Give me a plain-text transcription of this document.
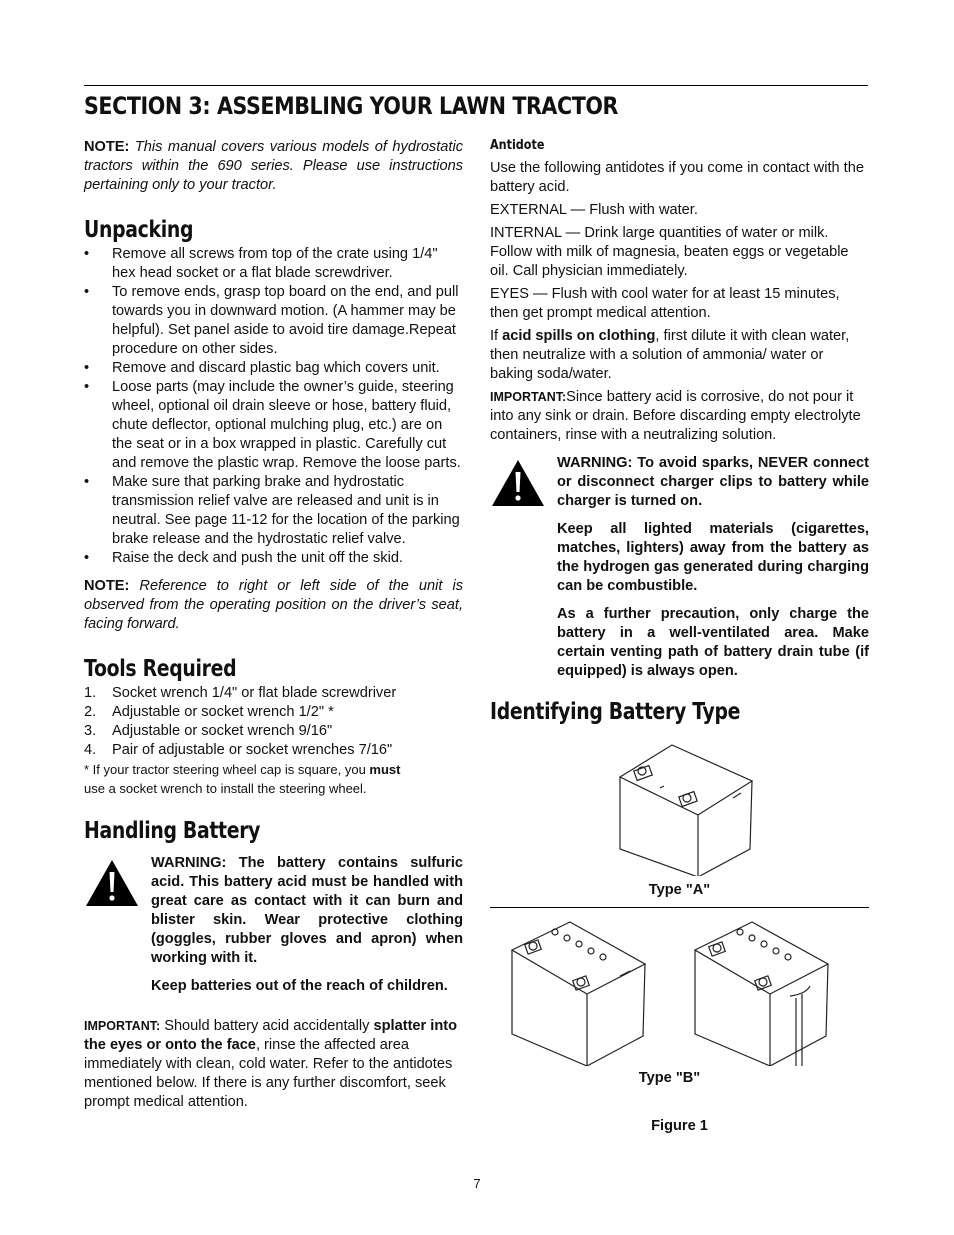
SECTION 3: ASSEMBLING YOUR LAWN TRACTOR

NOTE: This manual covers various models of hydrostatic tractors within the 690 series. Please use instructions pertaining only to your tractor.

Unpacking
• Remove all screws from top of the crate using 1/4" hex head socket or a flat blade screwdriver.
• To remove ends, grasp top board on the end, and pull towards you in downward motion. (A hammer may be helpful). Set panel aside to avoid tire damage.Repeat procedure on other sides.
• Remove and discard plastic bag which covers unit.
• Loose parts (may include the owner’s guide, steering wheel, optional oil drain sleeve or hose, battery fluid, chute deflector, optional mulching plug, etc.) are on the seat or in a box wrapped in plastic. Carefully cut and remove the plastic wrap. Remove the loose parts.
• Make sure that parking brake and hydrostatic transmission relief valve are released and unit is in neutral. See page 11-12 for the location of the parking brake release and the hydrostatic relief valve.
• Raise the deck and push the unit off the skid.

NOTE: Reference to right or left side of the unit is observed from the operating position on the driver’s seat, facing forward.

Tools Required
1. Socket wrench 1/4" or flat blade screwdriver
2. Adjustable or socket wrench 1/2" *
3. Adjustable or socket wrench 9/16"
4. Pair of adjustable or socket wrenches 7/16"

* If your tractor steering wheel cap is square, you must
use a socket wrench to install the steering wheel.

Handling Battery

WARNING: The battery contains sulfuric acid. This battery acid must be handled with great care as contact with it can burn and blister skin. Wear protective clothing (goggles, rubber gloves and apron) when working with it.

Keep batteries out of the reach of children.

IMPORTANT: Should battery acid accidentally splatter into the eyes or onto the face, rinse the affected area immediately with clean, cold water. Refer to the antidotes mentioned below. If there is any further discomfort, seek prompt medical attention.

Antidote

Use the following antidotes if you come in contact with the battery acid.

EXTERNAL — Flush with water.

INTERNAL — Drink large quantities of water or milk. Follow with milk of magnesia, beaten eggs or vegetable oil. Call physician immediately.

EYES — Flush with cool water for at least 15 minutes, then get prompt medical attention.

If acid spills on clothing, first dilute it with clean water, then neutralize with a solution of ammonia/ water or baking soda/water.

IMPORTANT:Since battery acid is corrosive, do not pour it into any sink or drain. Before discarding empty electrolyte containers, rinse with a neutralizing solution.

WARNING: To avoid sparks, NEVER connect or disconnect charger clips to battery while charger is turned on.

Keep all lighted materials (cigarettes, matches, lighters) away from the battery as the hydrogen gas generated during charging can be combustible.

As a further precaution, only charge the battery in a well-ventilated area. Make certain venting path of battery drain tube (if equipped) is always open.

Identifying Battery Type
Type "A"
Type "B"
Figure 1
7
